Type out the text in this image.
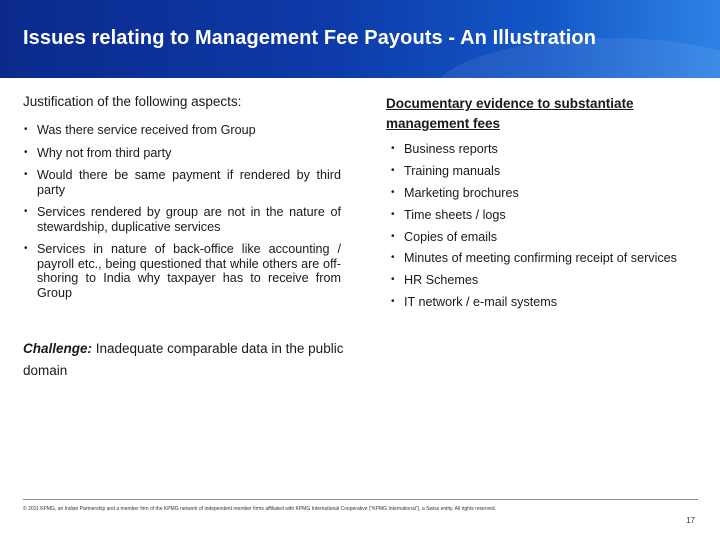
Issues relating to Management Fee Payouts - An Illustration
Justification of the following aspects:
• Was there service received from Group
• Why not from third party
• Would there be same payment if rendered by third party
• Services rendered by group are not in the nature of stewardship, duplicative services
• Services in nature of back-office like accounting / payroll etc., being questioned that while others are off-shoring to India why taxpayer has to receive from Group
Documentary evidence to substantiate management fees
• Business reports
• Training manuals
• Marketing brochures
• Time sheets / logs
• Copies of emails
• Minutes of meeting confirming receipt of services
• HR Schemes
• IT network / e-mail systems
Challenge: Inadequate comparable data in the public domain
© 2011 KPMG, an Indian Partnership and a member firm of the KPMG network of independent member firms affiliated with KPMG International Cooperative (“KPMG International”), a Swiss entity. All rights reserved.
17
